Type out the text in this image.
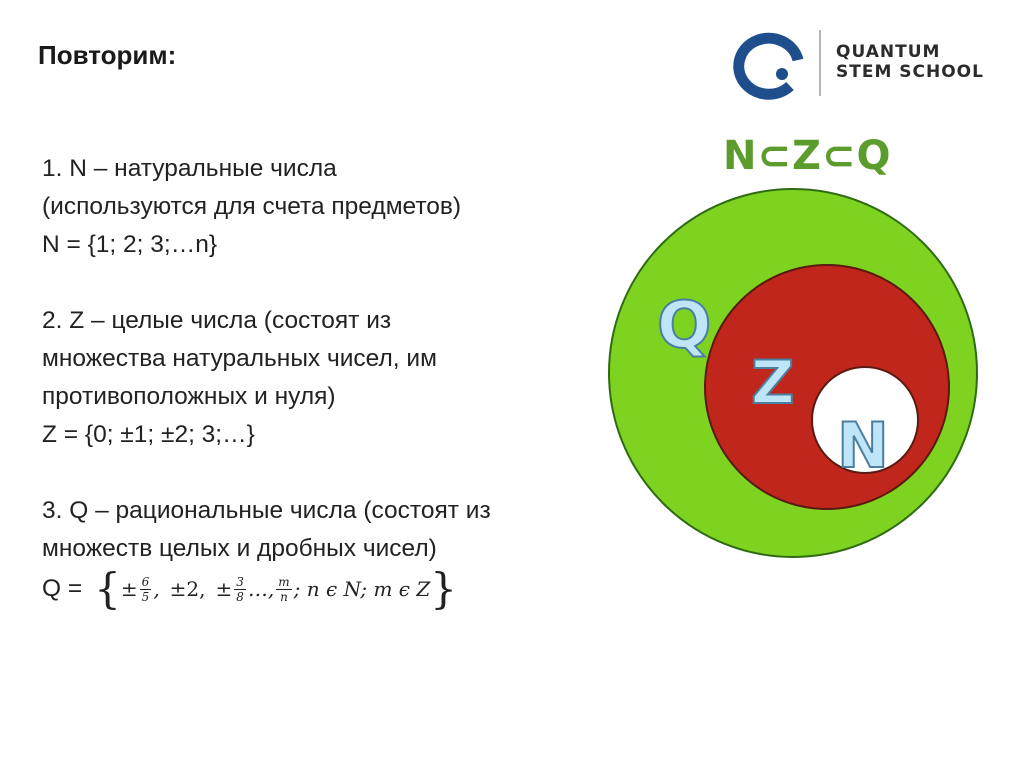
Повторим:	QUANTUM
STEM SCHOOL
1. N – натуральные числа
(используются для счета предметов)
N = {1; 2; 3;…n}
2. Z – целые числа (состоят из
множества натуральных чисел, им
противоположных и нуля)
Z = {0; ±1; ±2; 3;…}
3. Q – рациональные числа (состоят из
множеств целых и дробных чисел)
Q = { ± $\frac{6}{5}$ , ±2, ± $\frac{3}{8}$ …, $\frac{m}{n}$ ; n ϵ N; m ϵ Z }
N⊂Z⊂Q
Q
Z
N
